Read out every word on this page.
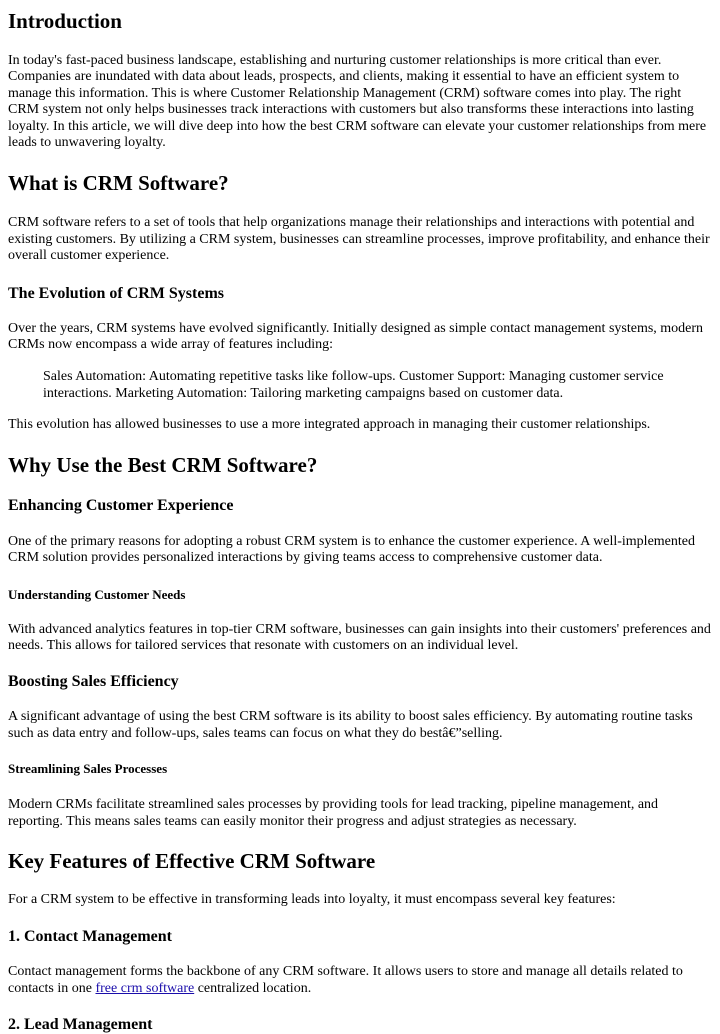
Introduction

In today's fast-paced business landscape, establishing and nurturing customer relationships is more critical than ever. Companies are inundated with data about leads, prospects, and clients, making it essential to have an efficient system to manage this information. This is where Customer Relationship Management (CRM) software comes into play. The right CRM system not only helps businesses track interactions with customers but also transforms these interactions into lasting loyalty. In this article, we will dive deep into how the best CRM software can elevate your customer relationships from mere leads to unwavering loyalty.

What is CRM Software?

CRM software refers to a set of tools that help organizations manage their relationships and interactions with potential and existing customers. By utilizing a CRM system, businesses can streamline processes, improve profitability, and enhance their overall customer experience.

The Evolution of CRM Systems

Over the years, CRM systems have evolved significantly. Initially designed as simple contact management systems, modern CRMs now encompass a wide array of features including:

Sales Automation: Automating repetitive tasks like follow-ups. Customer Support: Managing customer service interactions. Marketing Automation: Tailoring marketing campaigns based on customer data.

This evolution has allowed businesses to use a more integrated approach in managing their customer relationships.

Why Use the Best CRM Software?
Enhancing Customer Experience

One of the primary reasons for adopting a robust CRM system is to enhance the customer experience. A well-implemented CRM solution provides personalized interactions by giving teams access to comprehensive customer data.

Understanding Customer Needs

With advanced analytics features in top-tier CRM software, businesses can gain insights into their customers' preferences and needs. This allows for tailored services that resonate with customers on an individual level.

Boosting Sales Efficiency

A significant advantage of using the best CRM software is its ability to boost sales efficiency. By automating routine tasks such as data entry and follow-ups, sales teams can focus on what they do bestâ€”selling.

Streamlining Sales Processes

Modern CRMs facilitate streamlined sales processes by providing tools for lead tracking, pipeline management, and reporting. This means sales teams can easily monitor their progress and adjust strategies as necessary.

Key Features of Effective CRM Software

For a CRM system to be effective in transforming leads into loyalty, it must encompass several key features:

1. Contact Management

Contact management forms the backbone of any CRM software. It allows users to store and manage all details related to contacts in one free crm software centralized location.

2. Lead Management
